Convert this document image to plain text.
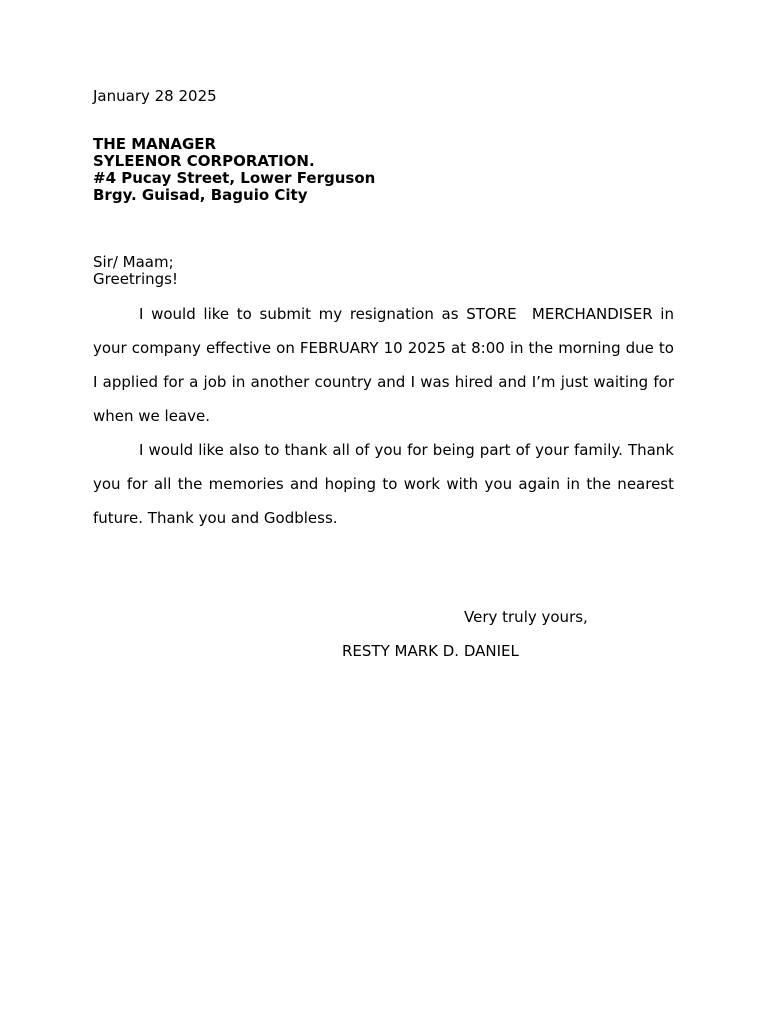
January 28 2025
THE MANAGER
SYLEENOR CORPORATION.
#4 Pucay Street, Lower Ferguson
Brgy. Guisad, Baguio City
Sir/ Maam;
Greetrings!

I would like to submit my resignation as STORE  MERCHANDISER in your company effective on FEBRUARY 10 2025 at 8:00 in the morning due to I applied for a job in another country and I was hired and I’m just waiting for when we leave.

I would like also to thank all of you for being part of your family. Thank you for all the memories and hoping to work with you again in the nearest future. Thank you and Godbless.

Very truly yours,
RESTY MARK D. DANIEL
